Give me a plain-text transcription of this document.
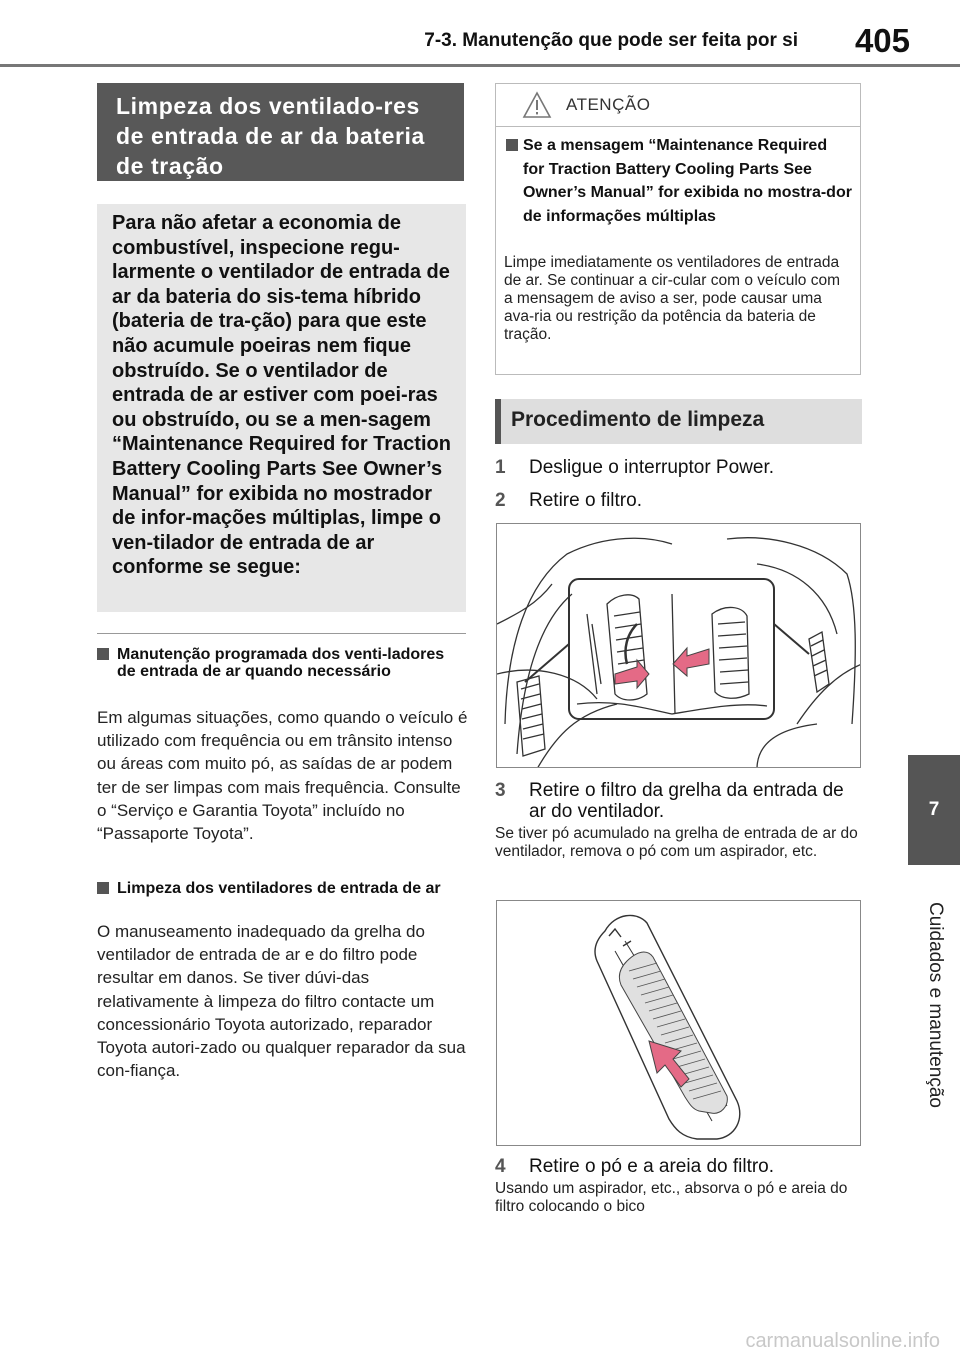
7-3. Manutenção que pode ser feita por si	405
7
Cuidados e manutenção
Limpeza dos ventilado-res de entrada de ar da bateria de tração
Para não afetar a economia de combustível, inspecione regu-larmente o ventilador de entrada de ar da bateria do sis-tema híbrido (bateria de tra-ção) para que este não acumule poeiras nem fique obstruído. Se o ventilador de entrada de ar estiver com poei-ras ou obstruído, ou se a men-sagem “Maintenance Required for Traction Battery Cooling Parts See Owner’s Manual” for exibida no mostrador de infor-mações múltiplas, limpe o ven-tilador de entrada de ar conforme se segue:
Manutenção programada dos venti-ladores de entrada de ar quando necessário
Em algumas situações, como quando o veículo é utilizado com frequência ou em trânsito intenso ou áreas com muito pó, as saídas de ar podem ter de ser limpas com mais frequência. Consulte o “Serviço e Garantia Toyota” incluído no “Passaporte Toyota”.
Limpeza dos ventiladores de entrada de ar
O manuseamento inadequado da grelha do ventilador de entrada de ar e do filtro pode resultar em danos. Se tiver dúvi-das relativamente à limpeza do filtro contacte um concessionário Toyota autorizado, reparador Toyota autori-zado ou qualquer reparador da sua con-fiança.
ATENÇÃO
Se a mensagem “Maintenance Required for Traction Battery Cooling Parts See Owner’s Manual” for exibida no mostra-dor de informações múltiplas
Limpe imediatamente os ventiladores de entrada de ar. Se continuar a cir-cular com o veículo com a mensagem de aviso a ser, pode causar uma ava-ria ou restrição da potência da bateria de tração.
Procedimento de limpeza
1	Desligue o interruptor Power.
2	Retire o filtro.
3	Retire o filtro da grelha da entrada de ar do ventilador.
Se tiver pó acumulado na grelha de entrada de ar do ventilador, remova o pó com um aspirador, etc.
4	Retire o pó e a areia do filtro.
Usando um aspirador, etc., absorva o pó e areia do filtro colocando o bico
carmanualsonline.info
